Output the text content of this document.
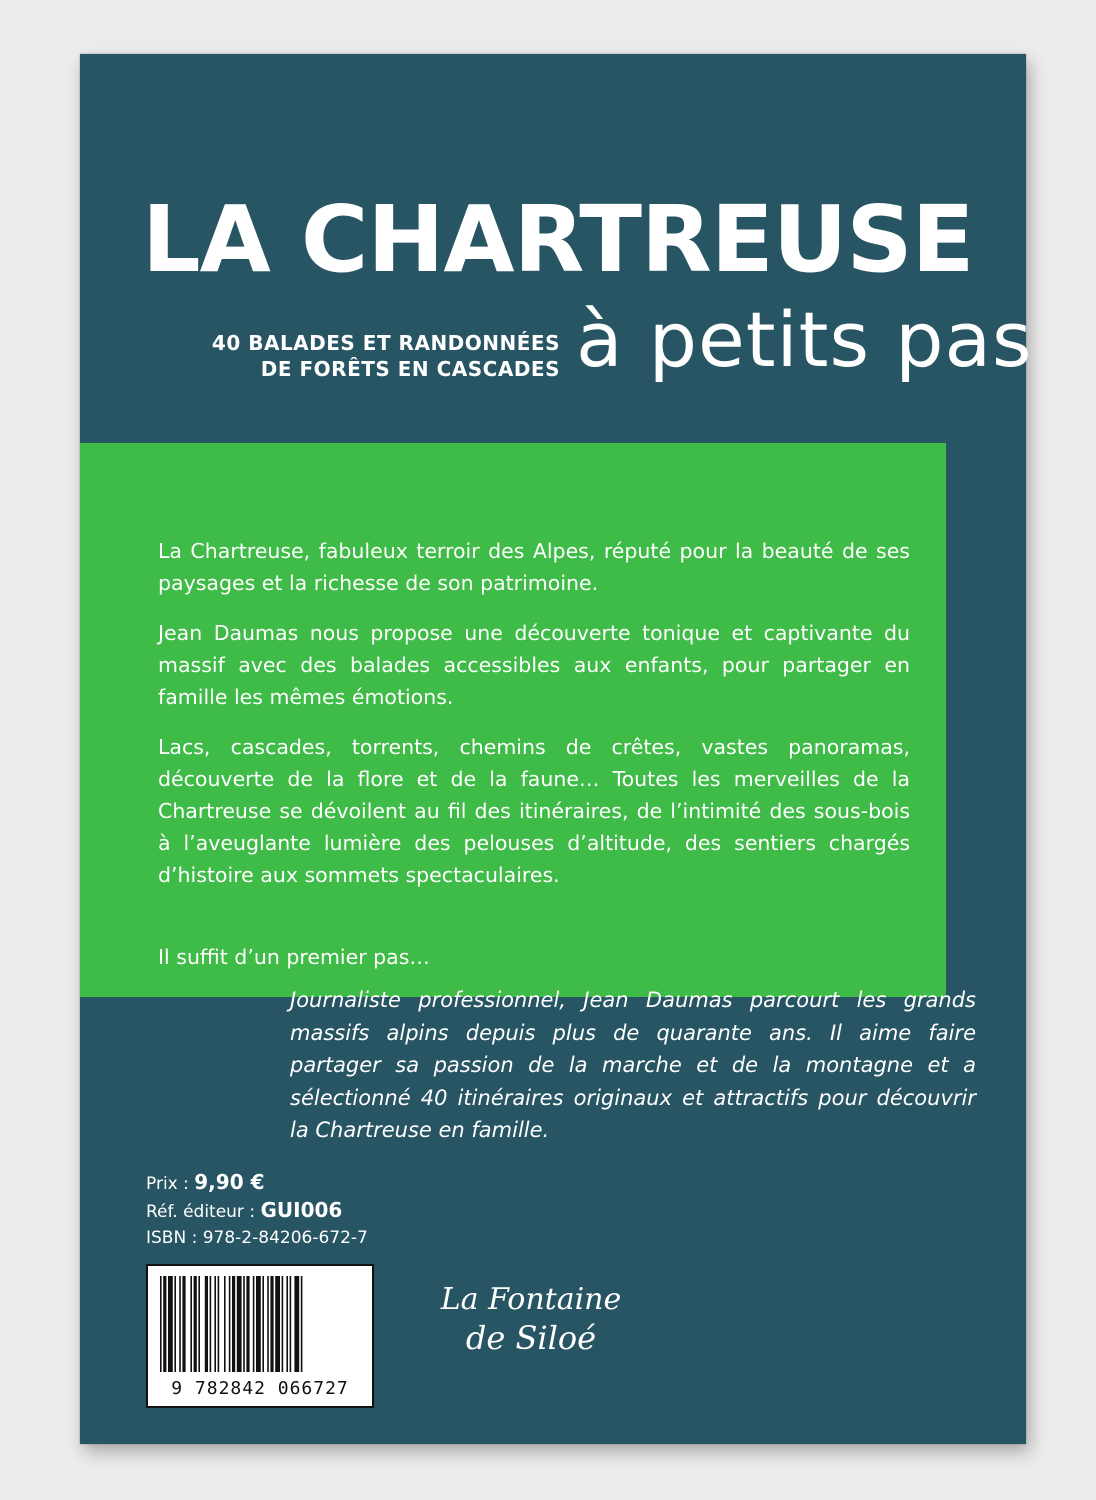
LA CHARTREUSE
40 BALADES ET RANDONNÉES
DE FORÊTS EN CASCADES à petits pas

La Chartreuse, fabuleux terroir des Alpes, réputé pour la beauté de ses paysages et la richesse de son patrimoine.

Jean Daumas nous propose une découverte tonique et captivante du massif avec des balades accessibles aux enfants, pour partager en famille les mêmes émotions.

Lacs, cascades, torrents, chemins de crêtes, vastes panoramas, découverte de la flore et de la faune… Toutes les merveilles de la Chartreuse se dévoilent au fil des itinéraires, de l’intimité des sous-bois à l’aveuglante lumière des pelouses d’altitude, des sentiers chargés d’histoire aux sommets spectaculaires.

Il suffit d’un premier pas…

Journaliste professionnel, Jean Daumas parcourt les grands massifs alpins depuis plus de quarante ans. Il aime faire partager sa passion de la marche et de la montagne et a sélectionné 40 itinéraires originaux et attractifs pour découvrir la Chartreuse en famille.
Prix : 9,90 €
Réf. éditeur : GUI006
ISBN : 978-2-84206-672-7
9 782842 066727
La Fontaine
de Siloé
